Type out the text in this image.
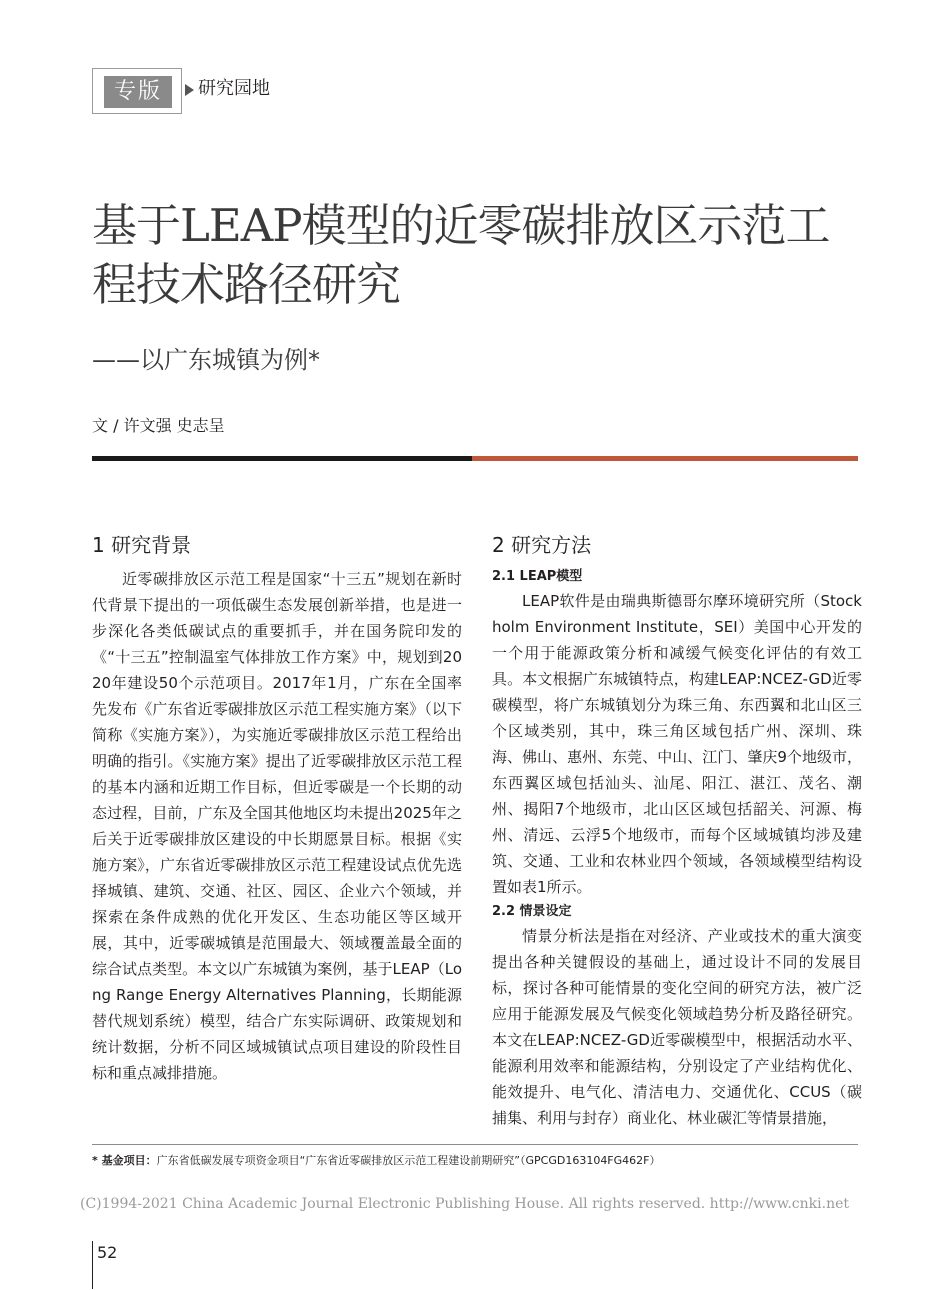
专版	研究园地
基于LEAP模型的近零碳排放区示范工程技术路径研究
——以广东城镇为例*
文 / 许文强 史志呈
1 研究背景

近零碳排放区示范工程是国家“十三五”规划在新时代背景下提出的一项低碳生态发展创新举措，也是进一步深化各类低碳试点的重要抓手，并在国务院印发的《“十三五”控制温室气体排放工作方案》中，规划到2020年建设50个示范项目。2017年1月，广东在全国率先发布《广东省近零碳排放区示范工程实施方案》（以下简称《实施方案》），为实施近零碳排放区示范工程给出明确的指引。《实施方案》提出了近零碳排放区示范工程的基本内涵和近期工作目标，但近零碳是一个长期的动态过程，目前，广东及全国其他地区均未提出2025年之后关于近零碳排放区建设的中长期愿景目标。根据《实施方案》，广东省近零碳排放区示范工程建设试点优先选择城镇、建筑、交通、社区、园区、企业六个领域，并探索在条件成熟的优化开发区、生态功能区等区域开展，其中，近零碳城镇是范围最大、领域覆盖最全面的综合试点类型。本文以广东城镇为案例，基于LEAP（Long Range Energy Alternatives Planning，长期能源替代规划系统）模型，结合广东实际调研、政策规划和统计数据，分析不同区域城镇试点项目建设的阶段性目标和重点减排措施。

2 研究方法
2.1 LEAP模型

LEAP软件是由瑞典斯德哥尔摩环境研究所（Stockholm Environment Institute，SEI）美国中心开发的一个用于能源政策分析和减缓气候变化评估的有效工具。本文根据广东城镇特点，构建LEAP:NCEZ-GD近零碳模型，将广东城镇划分为珠三角、东西翼和北山区三个区域类别，其中，珠三角区域包括广州、深圳、珠海、佛山、惠州、东莞、中山、江门、肇庆9个地级市，东西翼区域包括汕头、汕尾、阳江、湛江、茂名、潮州、揭阳7个地级市，北山区区域包括韶关、河源、梅州、清远、云浮5个地级市，而每个区域城镇均涉及建筑、交通、工业和农林业四个领域，各领域模型结构设置如表1所示。

2.2 情景设定

情景分析法是指在对经济、产业或技术的重大演变提出各种关键假设的基础上，通过设计不同的发展目标，探讨各种可能情景的变化空间的研究方法，被广泛应用于能源发展及气候变化领域趋势分析及路径研究。本文在LEAP:NCEZ-GD近零碳模型中，根据活动水平、能源利用效率和能源结构，分别设定了产业结构优化、能效提升、电气化、清洁电力、交通优化、CCUS（碳捕集、利用与封存）商业化、林业碳汇等情景措施，

* 基金项目：广东省低碳发展专项资金项目“广东省近零碳排放区示范工程建设前期研究”（GPCGD163104FG462F）
(C)1994-2021 China Academic Journal Electronic Publishing House. All rights reserved. http://www.cnki.net
52
